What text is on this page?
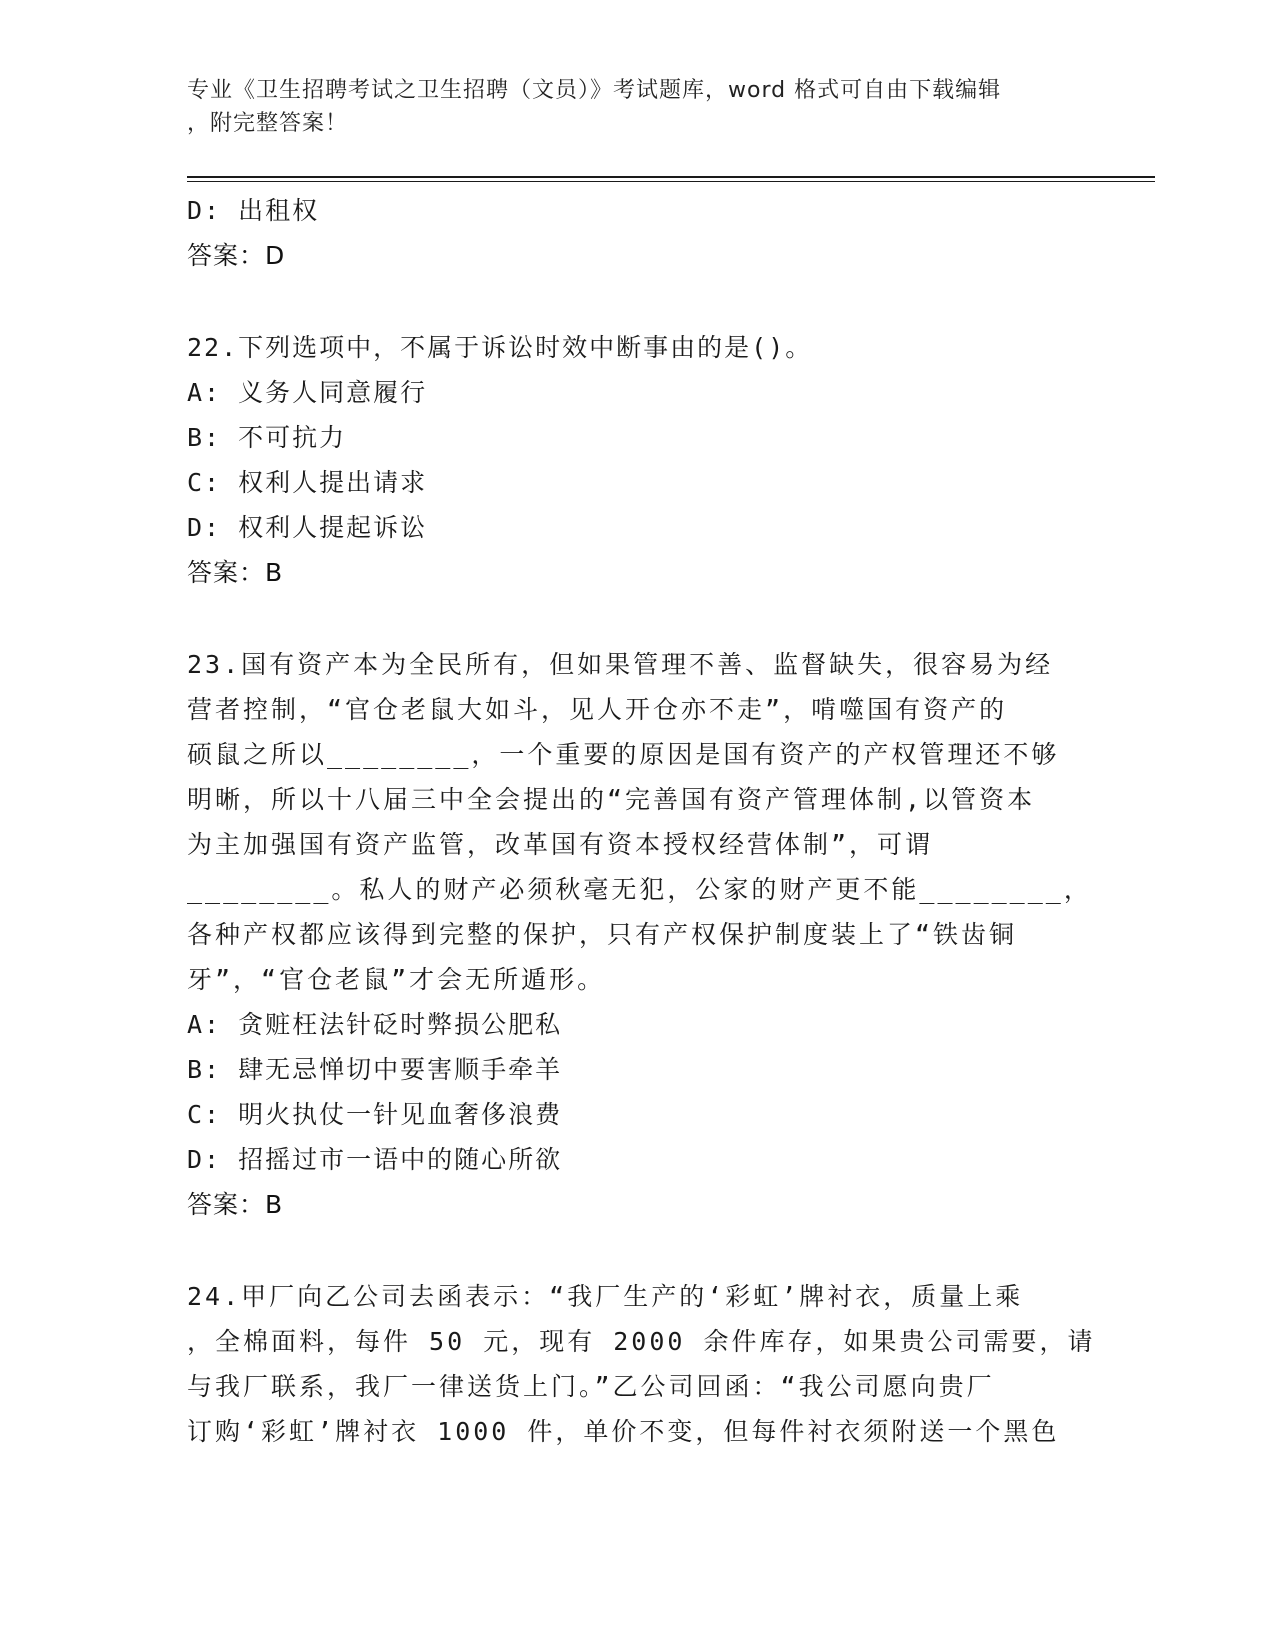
专业《卫生招聘考试之卫生招聘（文员）》考试题库，word 格式可自由下载编辑
，附完整答案！
D: 出租权
答案：D
22.下列选项中，不属于诉讼时效中断事由的是()。
A: 义务人同意履行
B: 不可抗力
C: 权利人提出请求
D: 权利人提起诉讼
答案：B
23.国有资产本为全民所有，但如果管理不善、监督缺失，很容易为经
营者控制，“官仓老鼠大如斗，见人开仓亦不走”，啃噬国有资产的
硕鼠之所以________，一个重要的原因是国有资产的产权管理还不够
明晰，所以十八届三中全会提出的“完善国有资产管理体制,以管资本
为主加强国有资产监管，改革国有资本授权经营体制”，可谓
________。私人的财产必须秋毫无犯，公家的财产更不能________，
各种产权都应该得到完整的保护，只有产权保护制度装上了“铁齿铜
牙”，“官仓老鼠”才会无所遁形。
A: 贪赃枉法针砭时弊损公肥私
B: 肆无忌惮切中要害顺手牵羊
C: 明火执仗一针见血奢侈浪费
D: 招摇过市一语中的随心所欲
答案：B
24.甲厂向乙公司去函表示：“我厂生产的‘彩虹’牌衬衣，质量上乘
，全棉面料，每件 50 元，现有 2000 余件库存，如果贵公司需要，请
与我厂联系，我厂一律送货上门。”乙公司回函：“我公司愿向贵厂
订购‘彩虹’牌衬衣 1000 件，单价不变，但每件衬衣须附送一个黑色
